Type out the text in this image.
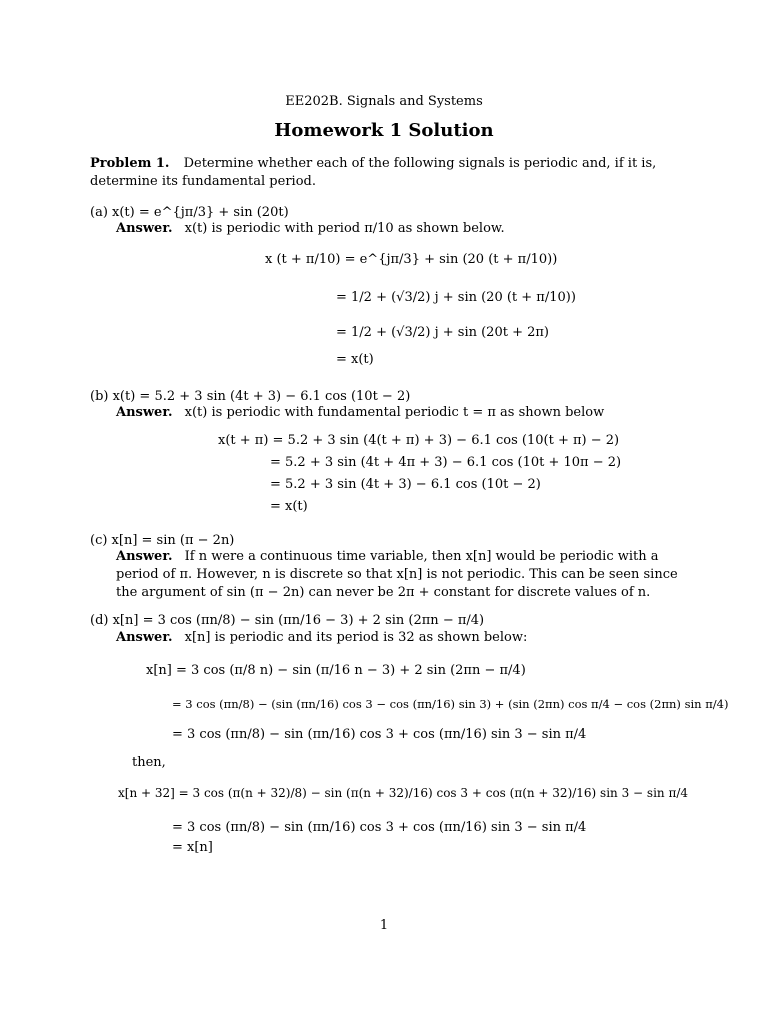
EE202B. Signals and Systems
Homework 1 Solution
Problem 1. Determine whether each of the following signals is periodic and, if it is, determine its fundamental period.
(a) x(t) = e^{jπ/3} + sin (20t)
Answer. x(t) is periodic with period π/10 as shown below.
x (t + π/10) = e^{jπ/3} + sin (20 (t + π/10))
= 1/2 + (√3/2) j + sin (20 (t + π/10))
= 1/2 + (√3/2) j + sin (20t + 2π)
= x(t)
(b) x(t) = 5.2 + 3 sin (4t + 3) − 6.1 cos (10t − 2)
Answer. x(t) is periodic with fundamental periodic t = π as shown below
x(t + π) = 5.2 + 3 sin (4(t + π) + 3) − 6.1 cos (10(t + π) − 2)
= 5.2 + 3 sin (4t + 4π + 3) − 6.1 cos (10t + 10π − 2)
= 5.2 + 3 sin (4t + 3) − 6.1 cos (10t − 2)
= x(t)
(c) x[n] = sin (π − 2n)
Answer. If n were a continuous time variable, then x[n] would be periodic with a period of π. However, n is discrete so that x[n] is not periodic. This can be seen since the argument of sin (π − 2n) can never be 2π + constant for discrete values of n.
(d) x[n] = 3 cos (πn/8) − sin (πn/16 − 3) + 2 sin (2πn − π/4)
Answer. x[n] is periodic and its period is 32 as shown below:
x[n] = 3 cos (π/8 n) − sin (π/16 n − 3) + 2 sin (2πn − π/4)
= 3 cos (πn/8) − (sin (πn/16) cos 3 − cos (πn/16) sin 3) + (sin (2πn) cos π/4 − cos (2πn) sin π/4)
= 3 cos (πn/8) − sin (πn/16) cos 3 + cos (πn/16) sin 3 − sin π/4
then,
x[n + 32] = 3 cos (π(n + 32)/8) − sin (π(n + 32)/16) cos 3 + cos (π(n + 32)/16) sin 3 − sin π/4
= 3 cos (πn/8) − sin (πn/16) cos 3 + cos (πn/16) sin 3 − sin π/4
= x[n]
1
